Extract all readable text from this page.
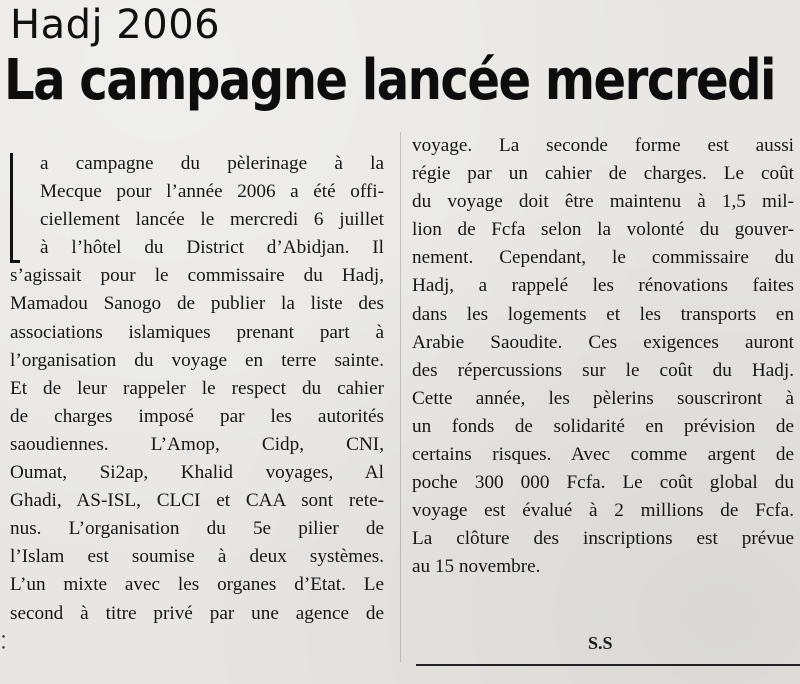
Hadj 2006
La campagne lancée mercredi
a campagne du pèlerinage à la
Mecque pour l’année 2006 a été offi-
ciellement lancée le mercredi 6 juillet
à l’hôtel du District d’Abidjan. Il
s’agissait pour le commissaire du Hadj,
Mamadou Sanogo de publier la liste des
associations islamiques prenant part à
l’organisation du voyage en terre sainte.
Et de leur rappeler le respect du cahier
de charges imposé par les autorités
saoudiennes. L’Amop, Cidp, CNI,
Oumat, Si2ap, Khalid voyages, Al
Ghadi, AS-ISL, CLCI et CAA sont rete-
nus. L’organisation du 5e pilier de
l’Islam est soumise à deux systèmes.
L’un mixte avec les organes d’Etat. Le
second à titre privé par une agence de
voyage. La seconde forme est aussi
régie par un cahier de charges. Le coût
du voyage doit être maintenu à 1,5 mil-
lion de Fcfa selon la volonté du gouver-
nement. Cependant, le commissaire du
Hadj, a rappelé les rénovations faites
dans les logements et les transports en
Arabie Saoudite. Ces exigences auront
des répercussions sur le coût du Hadj.
Cette année, les pèlerins souscriront à
un fonds de solidarité en prévision de
certains risques. Avec comme argent de
poche 300 000 Fcfa. Le coût global du
voyage est évalué à 2 millions de Fcfa.
La clôture des inscriptions est prévue
au 15 novembre.
S.S
